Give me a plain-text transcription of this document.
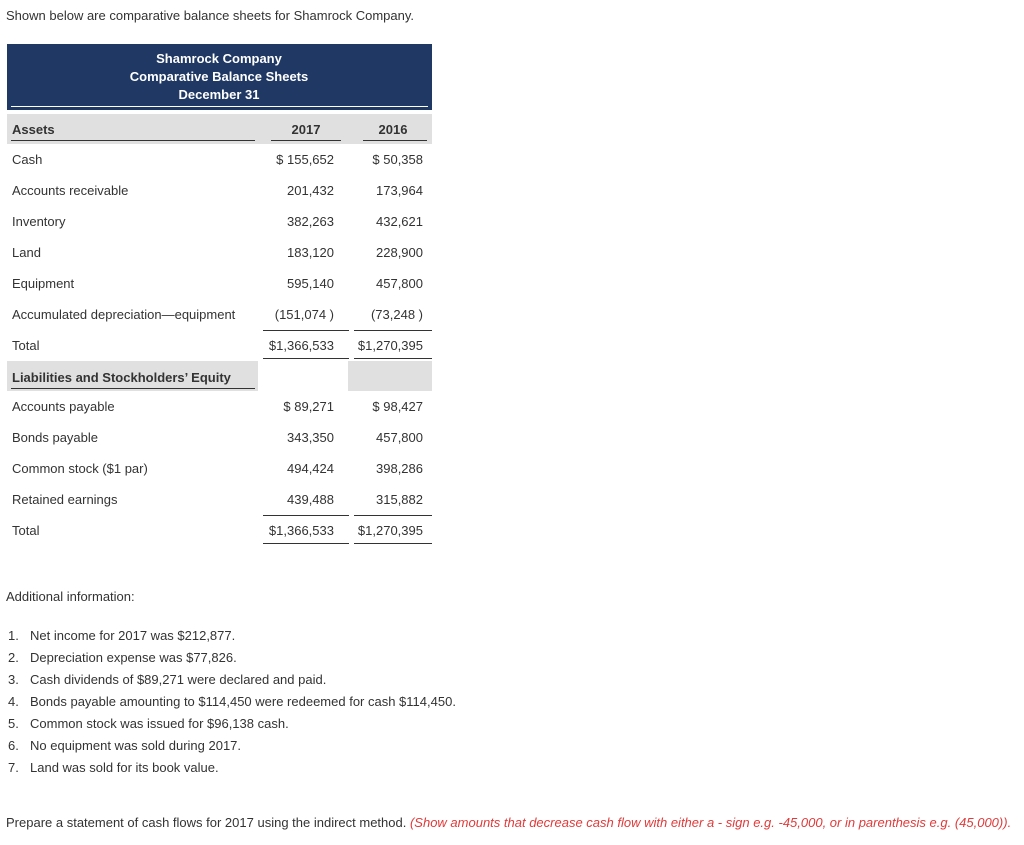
Shown below are comparative balance sheets for Shamrock Company.
Shamrock Company
Comparative Balance Sheets
December 31
Assets	2017	2016
Cash	$ 155,652	$ 50,358
Accounts receivable	201,432	173,964
Inventory	382,263	432,621
Land	183,120	228,900
Equipment	595,140	457,800
Accumulated depreciation—equipment	(151,074 )	(73,248 )
Total	$1,366,533 $1,270,395
Liabilities and Stockholders’ Equity
Accounts payable	$ 89,271	$ 98,427
Bonds payable	343,350	457,800
Common stock ($1 par)	494,424	398,286
Retained earnings	439,488	315,882
Total	$1,366,533 $1,270,395
Additional information:
1. Net income for 2017 was $212,877.
2. Depreciation expense was $77,826.
3. Cash dividends of $89,271 were declared and paid.
4. Bonds payable amounting to $114,450 were redeemed for cash $114,450.
5. Common stock was issued for $96,138 cash.
6. No equipment was sold during 2017.
7. Land was sold for its book value.
Prepare a statement of cash flows for 2017 using the indirect method. (Show amounts that decrease cash flow with either a - sign e.g. -45,000, or in parenthesis e.g. (45,000)).
